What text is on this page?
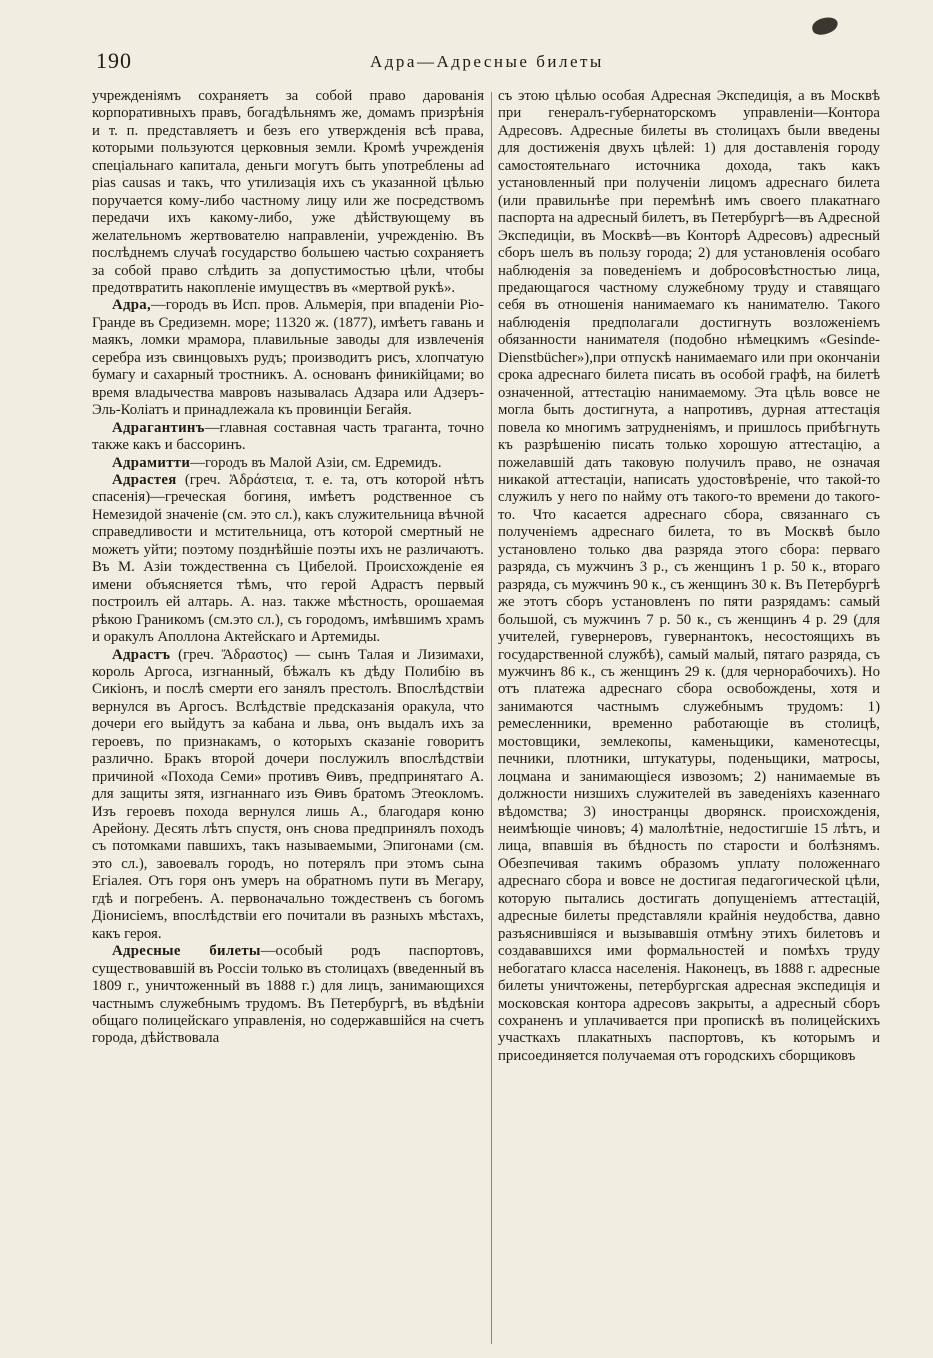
190	Адра—Адресные билеты

учрежденіямъ сохраняетъ за собой право дарованія корпоративныхъ правъ, богадѣльнямъ же, домамъ призрѣнія и т. п. представляетъ и безъ его утвержденія всѣ права, которыми пользуются церковныя земли. Кромѣ учрежденія спеціальнаго капитала, деньги могутъ быть употреблены ad pias causas и такъ, что утилизація ихъ съ указанной цѣлью поручается кому-либо частному лицу или же посредствомъ передачи ихъ какому-либо, уже дѣйствующему въ желательномъ жертвователю направленіи, учрежденію. Въ послѣднемъ случаѣ государство большею частью сохраняетъ за собой право слѣдить за допустимостью цѣли, чтобы предотвратить накопленіе имуществъ въ «мертвой рукѣ».

Адра,—городъ въ Исп. пров. Альмерія, при впаденіи Ріо-Гранде въ Средиземн. море; 11320 ж. (1877), имѣетъ гавань и маякъ, ломки мрамора, плавильные заводы для извлеченія серебра изъ свинцовыхъ рудъ; производитъ рисъ, хлопчатую бумагу и сахарный тростникъ. А. основанъ финикійцами; во время владычества мавровъ называлась Адзара или Адзеръ-Эль-Коліатъ и принадлежала къ провинціи Бегайя.

Адрагантинъ—главная составная часть траганта, точно также какъ и бассоринъ.

Адрамитти—городъ въ Малой Азіи, см. Едремидъ.

Адрастея (греч. Ἀδράστεια, т. е. та, отъ которой нѣтъ спасенія)—греческая богиня, имѣетъ родственное съ Немезидой значеніе (см. это сл.), какъ служительница вѣчной справедливости и мстительница, отъ которой смертный не можетъ уйти; поэтому позднѣйшіе поэты ихъ не различаютъ. Въ М. Азіи тождественна съ Цибелой. Происхожденіе ея имени объясняется тѣмъ, что герой Адрастъ первый построилъ ей алтарь. А. наз. также мѣстность, орошаемая рѣкою Граникомъ (см.это сл.), съ городомъ, имѣвшимъ храмъ и оракулъ Аполлона Актейскаго и Артемиды.

Адрастъ (греч. Ἄδραστος) — сынъ Талая и Лизимахи, король Аргоса, изгнанный, бѣжалъ къ дѣду Полибію въ Сикіонъ, и послѣ смерти его занялъ престолъ. Впослѣдствіи вернулся въ Аргосъ. Вслѣдствіе предсказанія оракула, что дочери его выйдутъ за кабана и льва, онъ выдалъ ихъ за героевъ, по признакамъ, о которыхъ сказаніе говоритъ различно. Бракъ второй дочери послужилъ впослѣдствіи причиной «Похода Семи» противъ Ѳивъ, предпринятаго А. для защиты зятя, изгнаннаго изъ Ѳивъ братомъ Этеокломъ. Изъ героевъ похода вернулся лишь А., благодаря коню Арейону. Десять лѣтъ спустя, онъ снова предпринялъ походъ съ потомками павшихъ, такъ называемыми, Эпигонами (см. это сл.), завоевалъ городъ, но потерялъ при этомъ сына Егіалея. Отъ горя онъ умеръ на обратномъ пути въ Мегару, гдѣ и погребенъ. А. первоначально тождественъ съ богомъ Діонисіемъ, впослѣдствіи его почитали въ разныхъ мѣстахъ, какъ героя.

Адресные билеты—особый родъ паспортовъ, существовавшій въ Россіи только въ столицахъ (введенный въ 1809 г., уничтоженный въ 1888 г.) для лицъ, занимающихся частнымъ служебнымъ трудомъ. Въ Петербургѣ, въ вѣдѣніи общаго полицейскаго управленія, но содержавшійся на счетъ города, дѣйствовала

съ этою цѣлью особая Адресная Экспедиція, а въ Москвѣ при генералъ-губернаторскомъ управленіи—Контора Адресовъ. Адресные билеты въ столицахъ были введены для достиженія двухъ цѣлей: 1) для доставленія городу самостоятельнаго источника дохода, такъ какъ установленный при полученіи лицомъ адреснаго билета (или правильнѣе при перемѣнѣ имъ своего плакатнаго паспорта на адресный билетъ, въ Петербургѣ—въ Адресной Экспедиціи, въ Москвѣ—въ Конторѣ Адресовъ) адресный сборъ шелъ въ пользу города; 2) для установленія особаго наблюденія за поведеніемъ и добросовѣстностью лица, предающагося частному служебному труду и ставящаго себя въ отношенія нанимаемаго къ нанимателю. Такого наблюденія предполагали достигнуть возложеніемъ обязанности нанимателя (подобно нѣмецкимъ «Gesinde-Dienstbücher»),при отпускѣ нанимаемаго или при окончаніи срока адреснаго билета писать въ особой графѣ, на билетѣ означенной, аттестацію нанимаемому. Эта цѣль вовсе не могла быть достигнута, а напротивъ, дурная аттестація повела ко многимъ затрудненіямъ, и пришлось прибѣгнуть къ разрѣшенію писать только хорошую аттестацію, а пожелавшій дать таковую получилъ право, не означая никакой аттестаціи, написать удостовѣреніе, что такой-то служилъ у него по найму отъ такого-то времени до такого-то. Что касается адреснаго сбора, связаннаго съ полученіемъ адреснаго билета, то въ Москвѣ было установлено только два разряда этого сбора: перваго разряда, съ мужчинъ 3 р., съ женщинъ 1 р. 50 к., втораго разряда, съ мужчинъ 90 к., съ женщинъ 30 к. Въ Петербургѣ же этотъ сборъ установленъ по пяти разрядамъ: самый большой, съ мужчинъ 7 р. 50 к., съ женщинъ 4 р. 29 (для учителей, гувернеровъ, гувернантокъ, несостоящихъ въ государственной службѣ), самый малый, пятаго разряда, съ мужчинъ 86 к., съ женщинъ 29 к. (для чернорабочихъ). Но отъ платежа адреснаго сбора освобождены, хотя и занимаются частнымъ служебнымъ трудомъ: 1) ремесленники, временно работающіе въ столицѣ, мостовщики, землекопы, каменьщики, каменотесцы, печники, плотники, штукатуры, поденьщики, матросы, лоцмана и занимающіеся извозомъ; 2) нанимаемые въ должности низшихъ служителей въ заведеніяхъ казеннаго вѣдомства; 3) иностранцы дворянск. происхожденія, неимѣющіе чиновъ; 4) малолѣтніе, недостигшіе 15 лѣтъ, и лица, впавшія въ бѣдность по старости и болѣзнямъ. Обезпечивая такимъ образомъ уплату положеннаго адреснаго сбора и вовсе не достигая педагогической цѣли, которую пытались достигать допущеніемъ аттестацій, адресные билеты представляли крайнія неудобства, давно разъяснившіяся и вызывавшія отмѣну этихъ билетовъ и создававшихся ими формальностей и помѣхъ труду небогатаго класса населенія. Наконецъ, въ 1888 г. адресные билеты уничтожены, петербургская адресная экспедиція и московская контора адресовъ закрыты, а адресный сборъ сохраненъ и уплачивается при пропискѣ въ полицейскихъ участкахъ плакатныхъ паспортовъ, къ которымъ и присоединяется получаемая отъ городскихъ сборщиковъ
